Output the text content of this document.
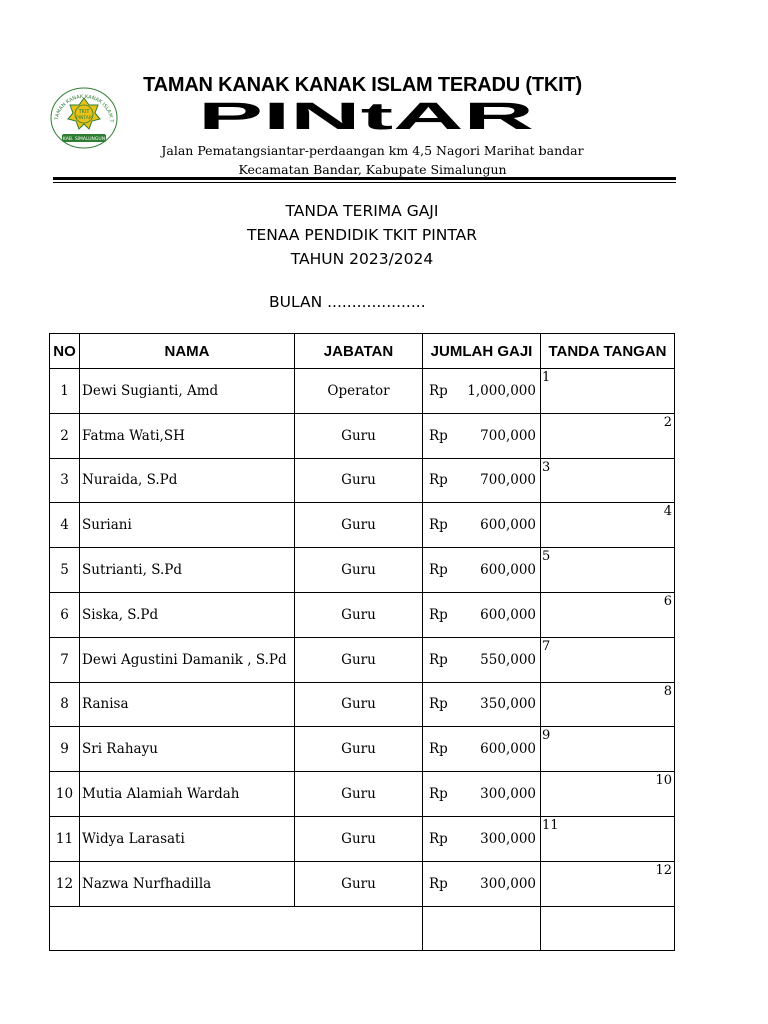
TAMAN KANAK KANAK ISLAM T
TKIT
PINTAR
KAB. SIMALUNGUN
TAMAN KANAK KANAK ISLAM TERADU (TKIT)
PINtAR
Jalan Pematangsiantar-perdaangan km 4,5 Nagori Marihat bandar
Kecamatan Bandar, Kabupate Simalungun
TANDA TERIMA GAJI
TENAA PENDIDIK TKIT PINTAR
TAHUN 2023/2024
BULAN ....................
NO	NAMA	JABATAN	JUMLAH GAJI	TANDA TANGAN
1	Dewi Sugianti, Amd	Operator	Rp 1,000,000	1

2	Fatma Wati,SH	Guru	Rp 700,000	2

3	Nuraida, S.Pd	Guru	Rp 700,000	3

4	Suriani	Guru	Rp 600,000	4

5	Sutrianti, S.Pd	Guru	Rp 600,000	5

6	Siska, S.Pd	Guru	Rp 600,000	6

7	Dewi Agustini Damanik , S.Pd	Guru	Rp 550,000	7

8	Ranisa	Guru	Rp 350,000	8

9	Sri Rahayu	Guru	Rp 600,000	9

10	Mutia Alamiah Wardah	Guru	Rp 300,000	10

11	Widya Larasati	Guru	Rp 300,000	11

12	Nazwa Nurfhadilla	Guru	Rp 300,000	12
